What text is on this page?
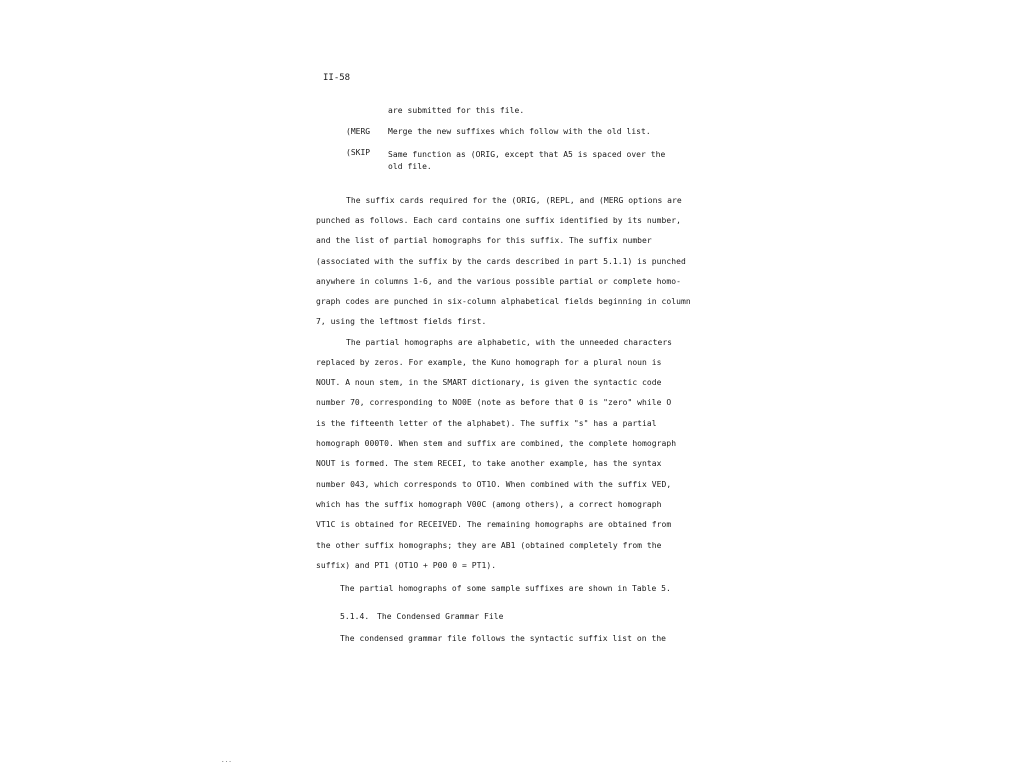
II-58
are submitted for this file.
(MERG Merge the new suffixes which follow with the old list.
(SKIP Same function as (ORIG, except that A5 is spaced over the
old file.
The suffix cards required for the (ORIG, (REPL, and (MERG options are
punched as follows. Each card contains one suffix identified by its number,
and the list of partial homographs for this suffix. The suffix number
(associated with the suffix by the cards described in part 5.1.1) is punched
anywhere in columns 1-6, and the various possible partial or complete homo-
graph codes are punched in six-column alphabetical fields beginning in column
7, using the leftmost fields first.
The partial homographs are alphabetic, with the unneeded characters
replaced by zeros. For example, the Kuno homograph for a plural noun is
NOUT. A noun stem, in the SMART dictionary, is given the syntactic code
number 70, corresponding to NO0E (note as before that 0 is "zero" while O
is the fifteenth letter of the alphabet). The suffix "s" has a partial
homograph 000T0. When stem and suffix are combined, the complete homograph
NOUT is formed. The stem RECEI, to take another example, has the syntax
number 043, which corresponds to OT1O. When combined with the suffix VED,
which has the suffix homograph V00C (among others), a correct homograph
VT1C is obtained for RECEIVED. The remaining homographs are obtained from
the other suffix homographs; they are AB1 (obtained completely from the
suffix) and PT1 (OT1O + P00 0 = PT1).
The partial homographs of some sample suffixes are shown in Table 5.
5.1.4. The Condensed Grammar File
The condensed grammar file follows the syntactic suffix list on the
...
